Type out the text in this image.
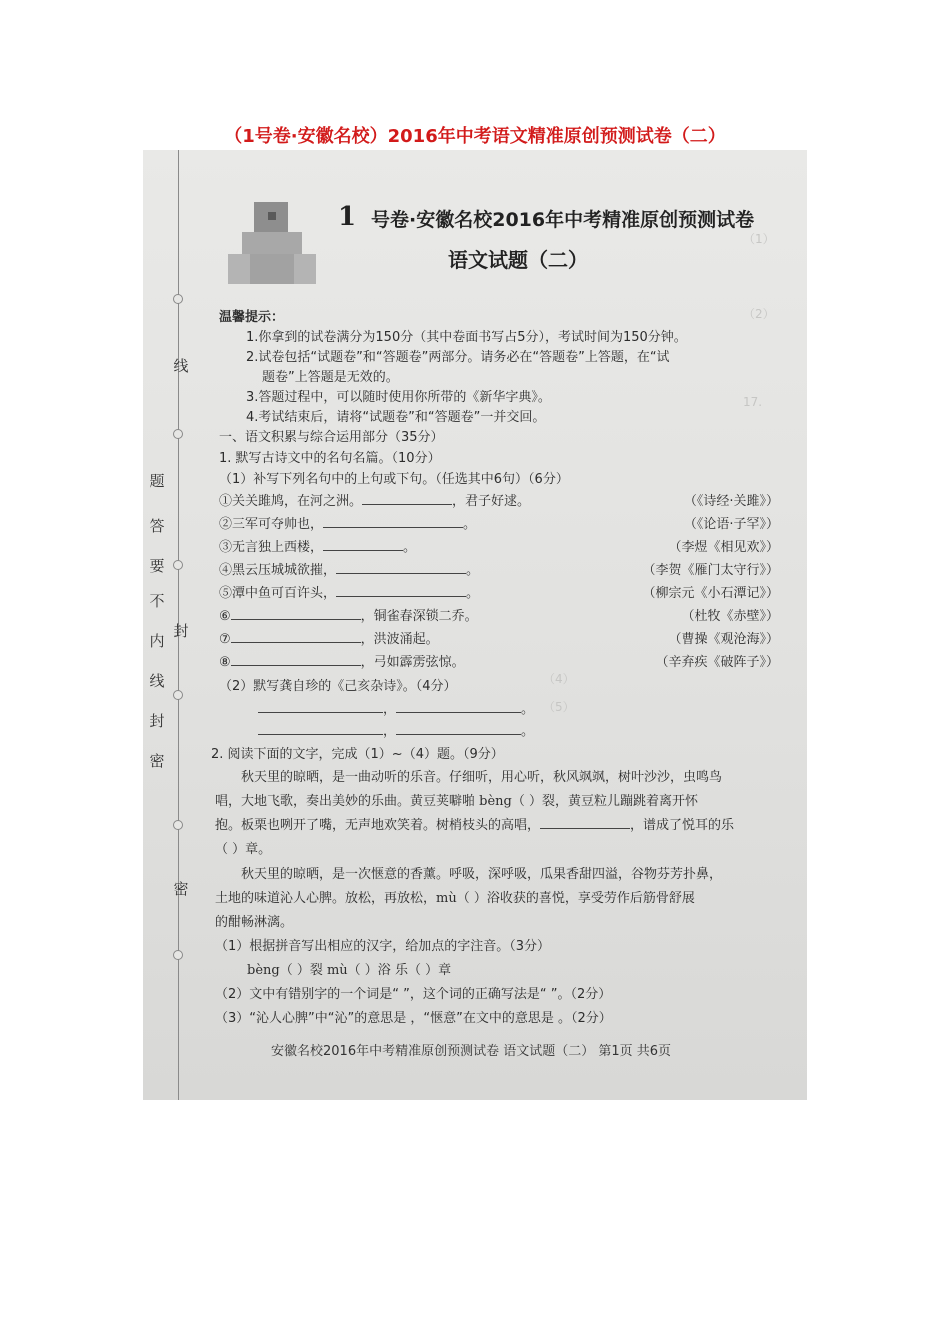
（1号卷·安徽名校）2016年中考语文精准原创预测试卷（二）
线
题
答
要
不
内
封
线
封
密
密
1 号卷·安徽名校2016年中考精准原创预测试卷
语文试题（二）
（1）
（2）
17.
温馨提示：
1.你拿到的试卷满分为150分（其中卷面书写占5分），考试时间为150分钟。
2.试卷包括“试题卷”和“答题卷”两部分。请务必在“答题卷”上答题，在“试
题卷”上答题是无效的。
3.答题过程中，可以随时使用你所带的《新华字典》。
4.考试结束后，请将“试题卷”和“答题卷”一并交回。
一、语文积累与综合运用部分（35分）
1. 默写古诗文中的名句名篇。（10分）
（1）补写下列名句中的上句或下句。（任选其中6句）（6分）
①关关雎鸠，在河之洲。	，君子好逑。	（《诗经·关雎》）
②三军可夺帅也，	。	（《论语·子罕》）
③无言独上西楼，	。	（李煜《相见欢》）
④黑云压城城欲摧，	。	（李贺《雁门太守行》）
⑤潭中鱼可百许头，	。	（柳宗元《小石潭记》）
⑥	，铜雀春深锁二乔。	（杜牧《赤壁》）
⑦	，洪波涌起。	（曹操《观沧海》）
⑧	，弓如霹雳弦惊。	（辛弃疾《破阵子》）
（2）默写龚自珍的《己亥杂诗》。（4分）
，	。
，	。
（4）
（5）
2. 阅读下面的文字，完成（1）~（4）题。（9分）
秋天里的晾晒，是一曲动听的乐音。仔细听，用心听，秋风飒飒，树叶沙沙，虫鸣鸟
唱，大地飞歌，奏出美妙的乐曲。黄豆荚噼啪 bèng（ ）裂，黄豆粒儿蹦跳着离开怀
抱。板栗也咧开了嘴，无声地欢笑着。树梢枝头的高唱，	，谱成了悦耳的乐
（ ）章。
秋天里的晾晒，是一次惬意的香薰。呼吸，深呼吸，瓜果香甜四溢，谷物芬芳扑鼻，
土地的味道沁人心脾。放松，再放松，mù（ ）浴收获的喜悦，享受劳作后筋骨舒展
的酣畅淋漓。
（1）根据拼音写出相应的汉字，给加点的字注音。（3分）
bèng（ ）裂 mù（ ）浴 乐（ ）章
（2）文中有错别字的一个词是“ ”，这个词的正确写法是“ ”。（2分）
（3）“沁人心脾”中“沁”的意思是 ，“惬意”在文中的意思是 。（2分）
安徽名校2016年中考精准原创预测试卷 语文试题（二） 第1页 共6页
